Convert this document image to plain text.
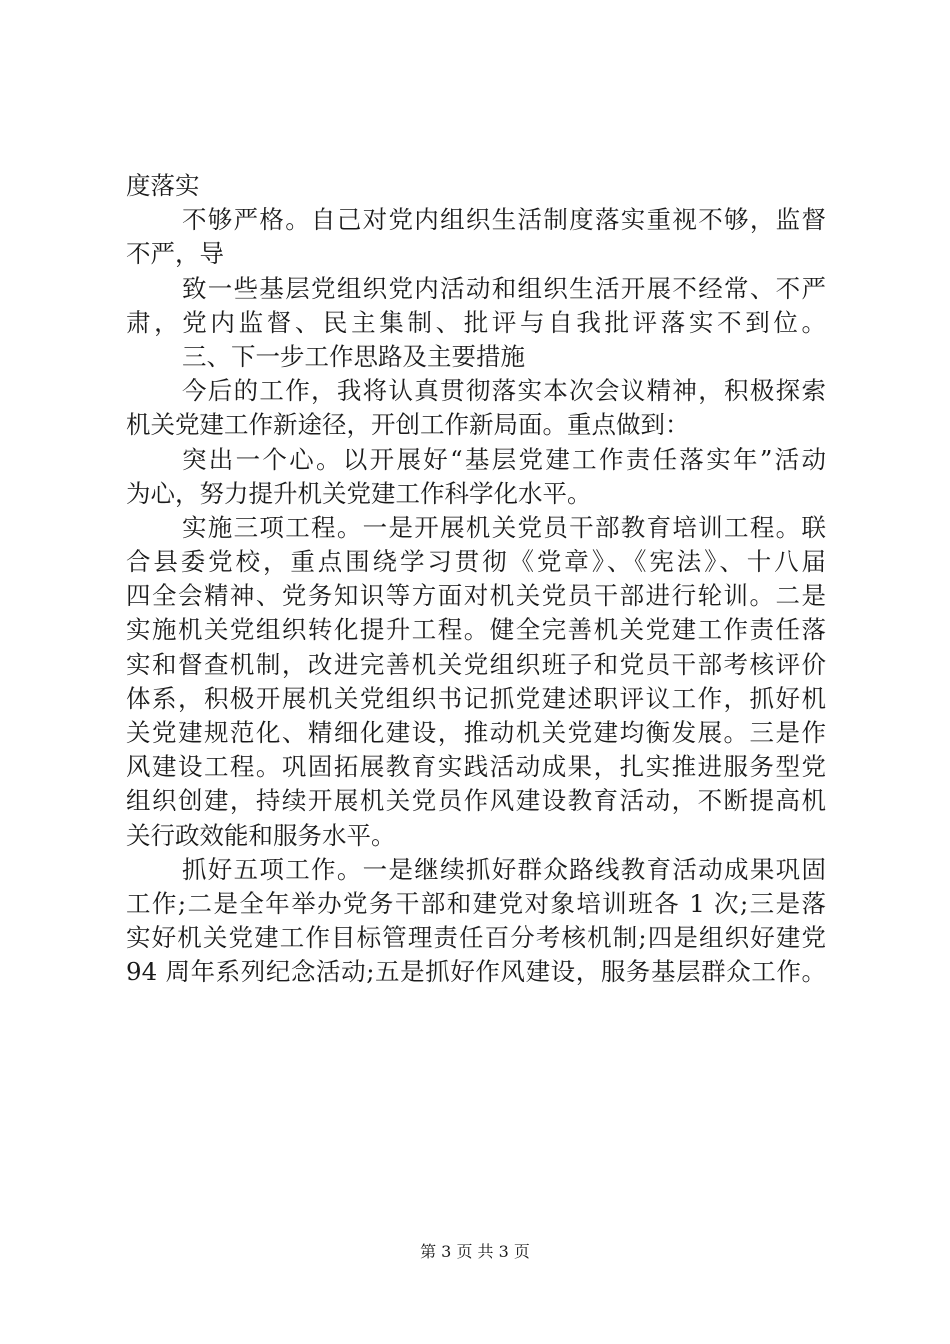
度落实
不够严格。自己对党内组织生活制度落实重视不够，监督
不严，导
致一些基层党组织党内活动和组织生活开展不经常、不严
肃，党内监督、民主集制、批评与自我批评落实不到位。
三、下一步工作思路及主要措施
今后的工作，我将认真贯彻落实本次会议精神，积极探索
机关党建工作新途径，开创工作新局面。重点做到：
突出一个心。以开展好“基层党建工作责任落实年”活动
为心，努力提升机关党建工作科学化水平。
实施三项工程。一是开展机关党员干部教育培训工程。联
合县委党校，重点围绕学习贯彻《党章》、《宪法》、十八届
四全会精神、党务知识等方面对机关党员干部进行轮训。二是
实施机关党组织转化提升工程。健全完善机关党建工作责任落
实和督查机制，改进完善机关党组织班子和党员干部考核评价
体系，积极开展机关党组织书记抓党建述职评议工作，抓好机
关党建规范化、精细化建设，推动机关党建均衡发展。三是作
风建设工程。巩固拓展教育实践活动成果，扎实推进服务型党
组织创建，持续开展机关党员作风建设教育活动，不断提高机
关行政效能和服务水平。
抓好五项工作。一是继续抓好群众路线教育活动成果巩固
工作;二是全年举办党务干部和建党对象培训班各 1 次;三是落
实好机关党建工作目标管理责任百分考核机制;四是组织好建党
94 周年系列纪念活动;五是抓好作风建设，服务基层群众工作。
第 3 页 共 3 页
